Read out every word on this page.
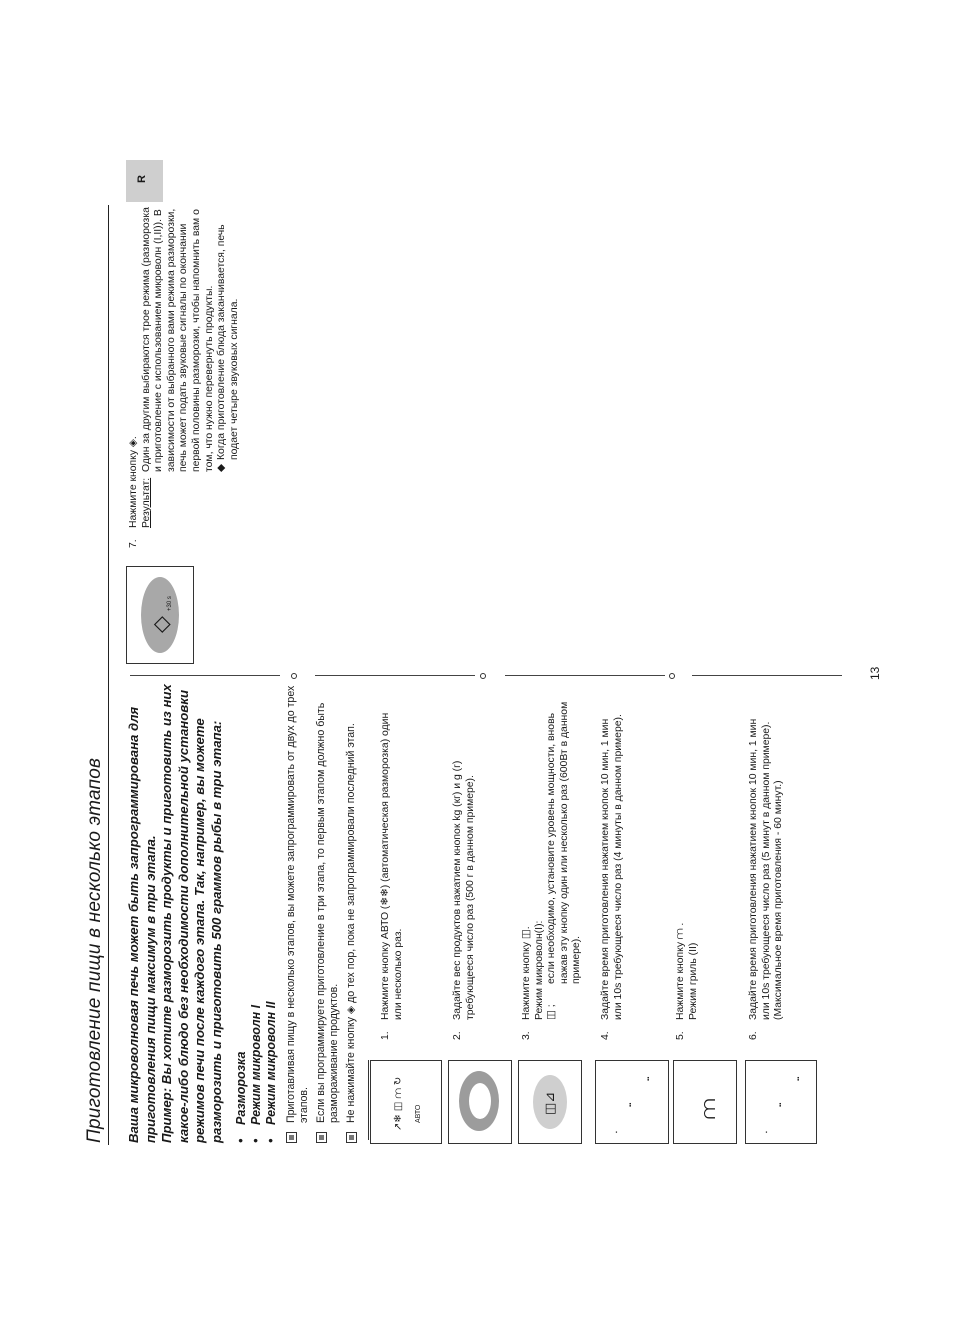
R
Приготовление пищи в несколько этапов Ваша микроволновая печь может быть запрограммирована для приготовления пищи максимум в три этапа. Пример: Вы хотите разморозить продукты и приготовить из них какое-либо блюдо без необходимости дополнительной установки режимов печи после каждого этапа. Так, например, вы можете разморозить и приготовить 500 граммов рыбы в три этапа: • Разморозка • Режим микроволн I • Режим микроволн II Приготавливая пищу в несколько этапов, вы можете запрограммировать от двух до трех этапов. Если вы программируете приготовление в три этапа, то первым этапом должно быть размораживание продуктов. Не нажимайте кнопку ◈ до тех пор, пока не запрограммировали последний этап.	↗❄ ◫ ⩋ ↻ АВТО	◫⊿
▪
▪▪
▪▪
⩋
▪
▪▪
▪▪
◇
+30 s
1.
Нажмите кнопку АВТО (❄❄) (автоматическая разморозка) один или несколько раз.
2.
Задайте вес продуктов нажатием кнопок kg (кг) и g (г) требующееся число раз (500 г в данном примере).
3.
Нажмите кнопку ◫. Режим микроволн(I): ◫ ;
если необходимо, установите уровень мощности, вновь нажав эту кнопку один или несколько раз (600Вт в данном примере).
4.
Задайте время приготовления нажатием кнопок 10 мин, 1 мин или 10s требующееся число раз (4 минуты в данном примере).
5.
Нажмите кнопку ⩋ . Режим гриль (II)
6.
Задайте время приготовления нажатием кнопок 10 мин, 1 мин или 10s требующееся число раз (5 минут в данном примере). (Максимальное время приготовления - 60 минут.)
7.
Нажмите кнопку ◈. Результат:
Один за другим выбираются трое режима (разморозка и приготовление с использованием микроволн (I,II)). В зависимости от выбранного вами режима разморозки, печь может подать звуковые сигналы по окончании первой половины разморозки, чтобы напомнить вам о том, что нужно перевернуть продукты. ◆
Когда приготовление блюда заканчивается, печь подает четыре звуковых сигнала.
13
